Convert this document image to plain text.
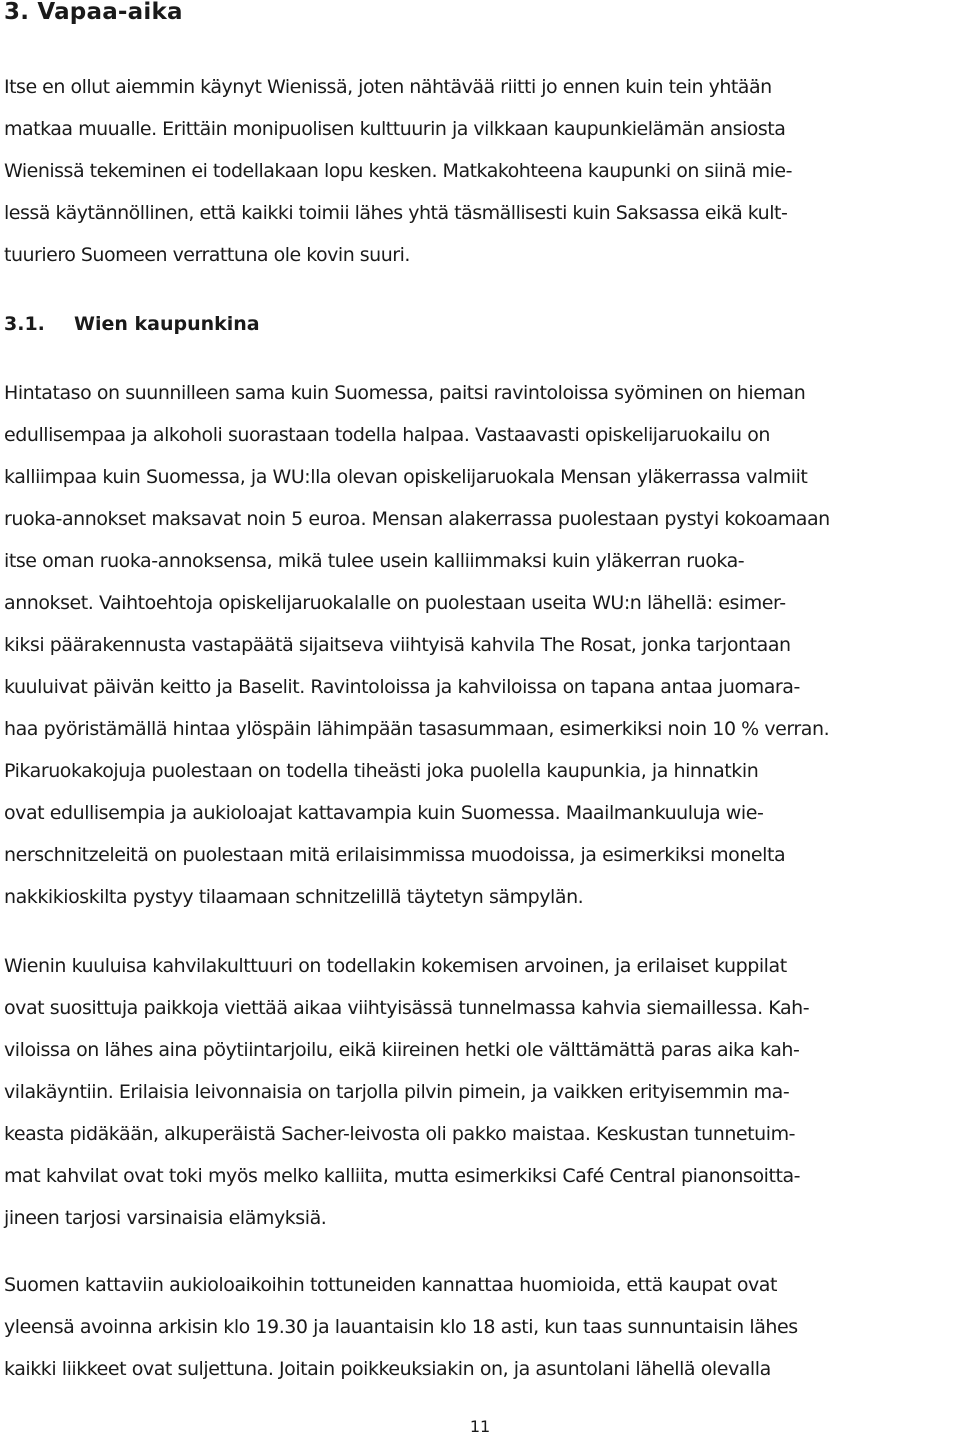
3. Vapaa-aika
Itse en ollut aiemmin käynyt Wienissä, joten nähtävää riitti jo ennen kuin tein yhtään
matkaa muualle. Erittäin monipuolisen kulttuurin ja vilkkaan kaupunkielämän ansiosta
Wienissä tekeminen ei todellakaan lopu kesken. Matkakohteena kaupunki on siinä mie-
lessä käytännöllinen, että kaikki toimii lähes yhtä täsmällisesti kuin Saksassa eikä kult-
tuuriero Suomeen verrattuna ole kovin suuri.
3.1. Wien kaupunkina
Hintataso on suunnilleen sama kuin Suomessa, paitsi ravintoloissa syöminen on hieman
edullisempaa ja alkoholi suorastaan todella halpaa. Vastaavasti opiskelijaruokailu on
kalliimpaa kuin Suomessa, ja WU:lla olevan opiskelijaruokala Mensan yläkerrassa valmiit
ruoka-annokset maksavat noin 5 euroa. Mensan alakerrassa puolestaan pystyi kokoamaan
itse oman ruoka-annoksensa, mikä tulee usein kalliimmaksi kuin yläkerran ruoka-
annokset. Vaihtoehtoja opiskelijaruokalalle on puolestaan useita WU:n lähellä: esimer-
kiksi päärakennusta vastapäätä sijaitseva viihtyisä kahvila The Rosat, jonka tarjontaan
kuuluivat päivän keitto ja Baselit. Ravintoloissa ja kahviloissa on tapana antaa juomara-
haa pyöristämällä hintaa ylöspäin lähimpään tasasummaan, esimerkiksi noin 10 % verran.
Pikaruokakojuja puolestaan on todella tiheästi joka puolella kaupunkia, ja hinnatkin
ovat edullisempia ja aukioloajat kattavampia kuin Suomessa. Maailmankuuluja wie-
nerschnitzeleitä on puolestaan mitä erilaisimmissa muodoissa, ja esimerkiksi monelta
nakkikioskilta pystyy tilaamaan schnitzelillä täytetyn sämpylän.
Wienin kuuluisa kahvilakulttuuri on todellakin kokemisen arvoinen, ja erilaiset kuppilat
ovat suosittuja paikkoja viettää aikaa viihtyisässä tunnelmassa kahvia siemaillessa. Kah-
viloissa on lähes aina pöytiintarjoilu, eikä kiireinen hetki ole välttämättä paras aika kah-
vilakäyntiin. Erilaisia leivonnaisia on tarjolla pilvin pimein, ja vaikken erityisemmin ma-
keasta pidäkään, alkuperäistä Sacher-leivosta oli pakko maistaa. Keskustan tunnetuim-
mat kahvilat ovat toki myös melko kalliita, mutta esimerkiksi Café Central pianonsoitta-
jineen tarjosi varsinaisia elämyksiä.
Suomen kattaviin aukioloaikoihin tottuneiden kannattaa huomioida, että kaupat ovat
yleensä avoinna arkisin klo 19.30 ja lauantaisin klo 18 asti, kun taas sunnuntaisin lähes
kaikki liikkeet ovat suljettuna. Joitain poikkeuksiakin on, ja asuntolani lähellä olevalla
11
